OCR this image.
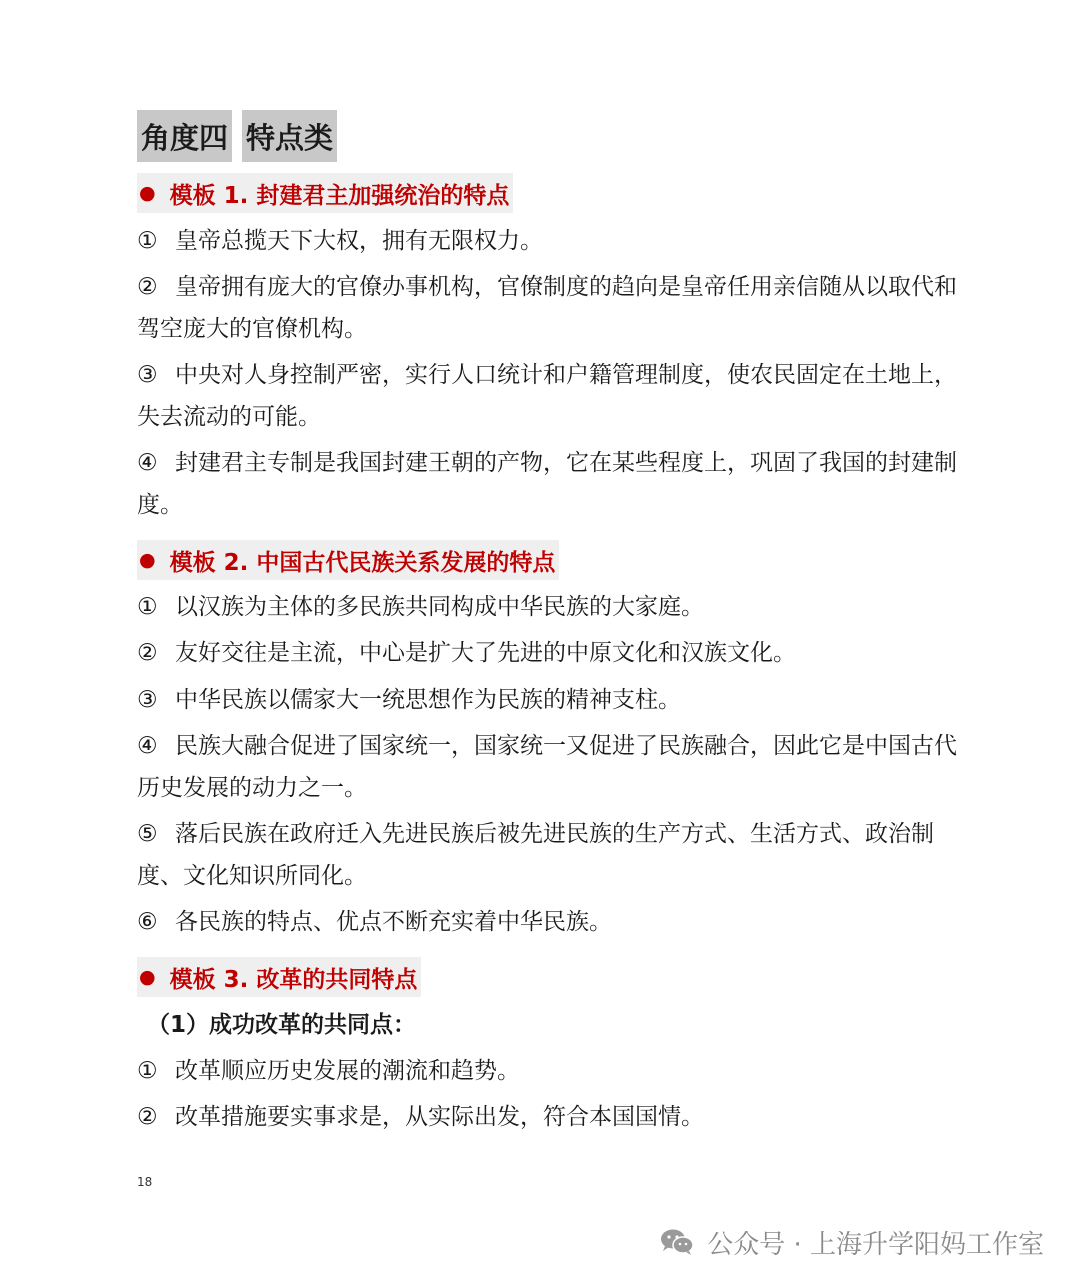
角度四 特点类
● 模板 1. 封建君主加强统治的特点
① 皇帝总揽天下大权，拥有无限权力。
② 皇帝拥有庞大的官僚办事机构，官僚制度的趋向是皇帝任用亲信随从以取代和驾空庞大的官僚机构。
③ 中央对人身控制严密，实行人口统计和户籍管理制度，使农民固定在土地上，失去流动的可能。
④ 封建君主专制是我国封建王朝的产物，它在某些程度上，巩固了我国的封建制度。
● 模板 2. 中国古代民族关系发展的特点
① 以汉族为主体的多民族共同构成中华民族的大家庭。
② 友好交往是主流，中心是扩大了先进的中原文化和汉族文化。
③ 中华民族以儒家大一统思想作为民族的精神支柱。
④ 民族大融合促进了国家统一，国家统一又促进了民族融合，因此它是中国古代历史发展的动力之一。
⑤ 落后民族在政府迁入先进民族后被先进民族的生产方式、生活方式、政治制度、文化知识所同化。
⑥ 各民族的特点、优点不断充实着中华民族。
● 模板 3. 改革的共同特点
（1）成功改革的共同点：
① 改革顺应历史发展的潮流和趋势。
② 改革措施要实事求是，从实际出发，符合本国国情。
18
公众号 · 上海升学阳妈工作室
